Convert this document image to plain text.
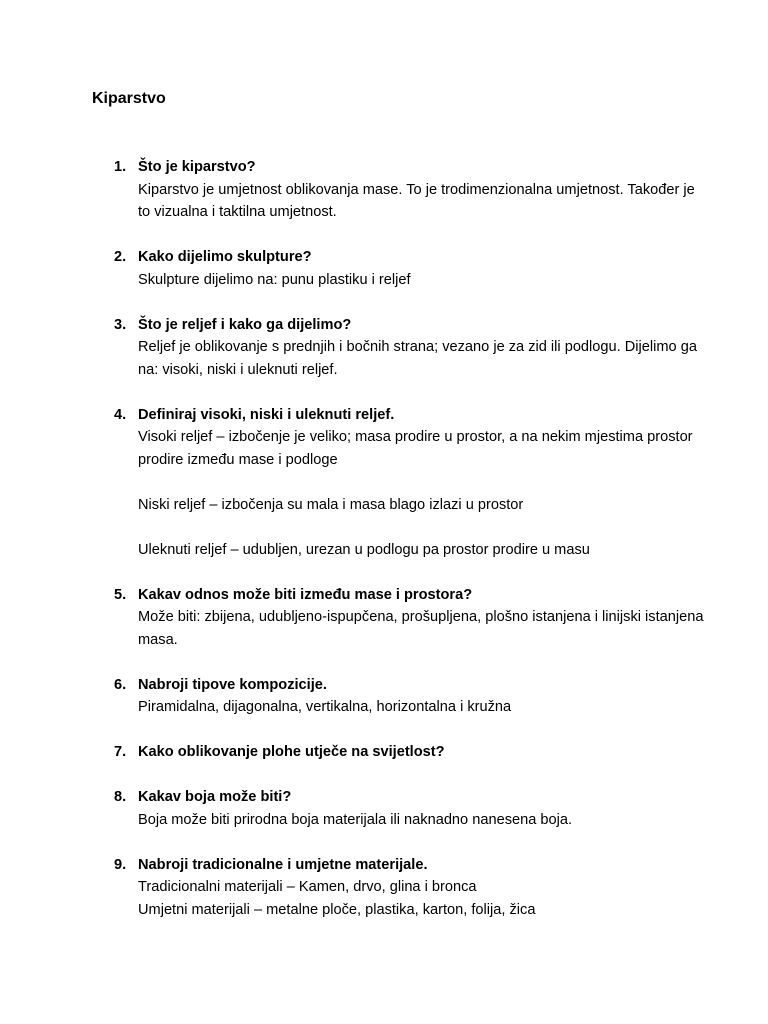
Kiparstvo
1. Što je kiparstvo?
Kiparstvo je umjetnost oblikovanja mase. To je trodimenzionalna umjetnost. Također je to vizualna i taktilna umjetnost.
2. Kako dijelimo skulpture?
Skulpture dijelimo na: punu plastiku i reljef
3. Što je reljef i kako ga dijelimo?
Reljef je oblikovanje s prednjih i bočnih strana; vezano je za zid ili podlogu. Dijelimo ga na: visoki, niski i ulеknuti reljef.
4. Definiraj visoki, niski i uleknuti reljef.
Visoki reljef – izbočenje je veliko; masa prodire u prostor, a na nekim mjestima prostor prodire između mase i podloge
Niski reljef – izbočenja su mala i masa blago izlazi u prostor
Uleknuti reljef – udubljen, urezan u podlogu pa prostor prodire u masu
5. Kakav odnos može biti između mase i prostora?
Može biti: zbijena, udubljeno-ispupčena, prošupljena, plošno istanjena i linijski istanjena masa.
6. Nabroji tipove kompozicije.
Piramidalna, dijagonalna, vertikalna, horizontalna i kružna
7. Kako oblikovanje plohe utječe na svijetlost?
8. Kakav boja može biti?
Boja može biti prirodna boja materijala ili naknadno nanesena boja.
9. Nabroji tradicionalne i umjetne materijale.
Tradicionalni materijali – Kamen, drvo, glina i bronca
Umjetni materijali – metalne ploče, plastika, karton, folija, žica
